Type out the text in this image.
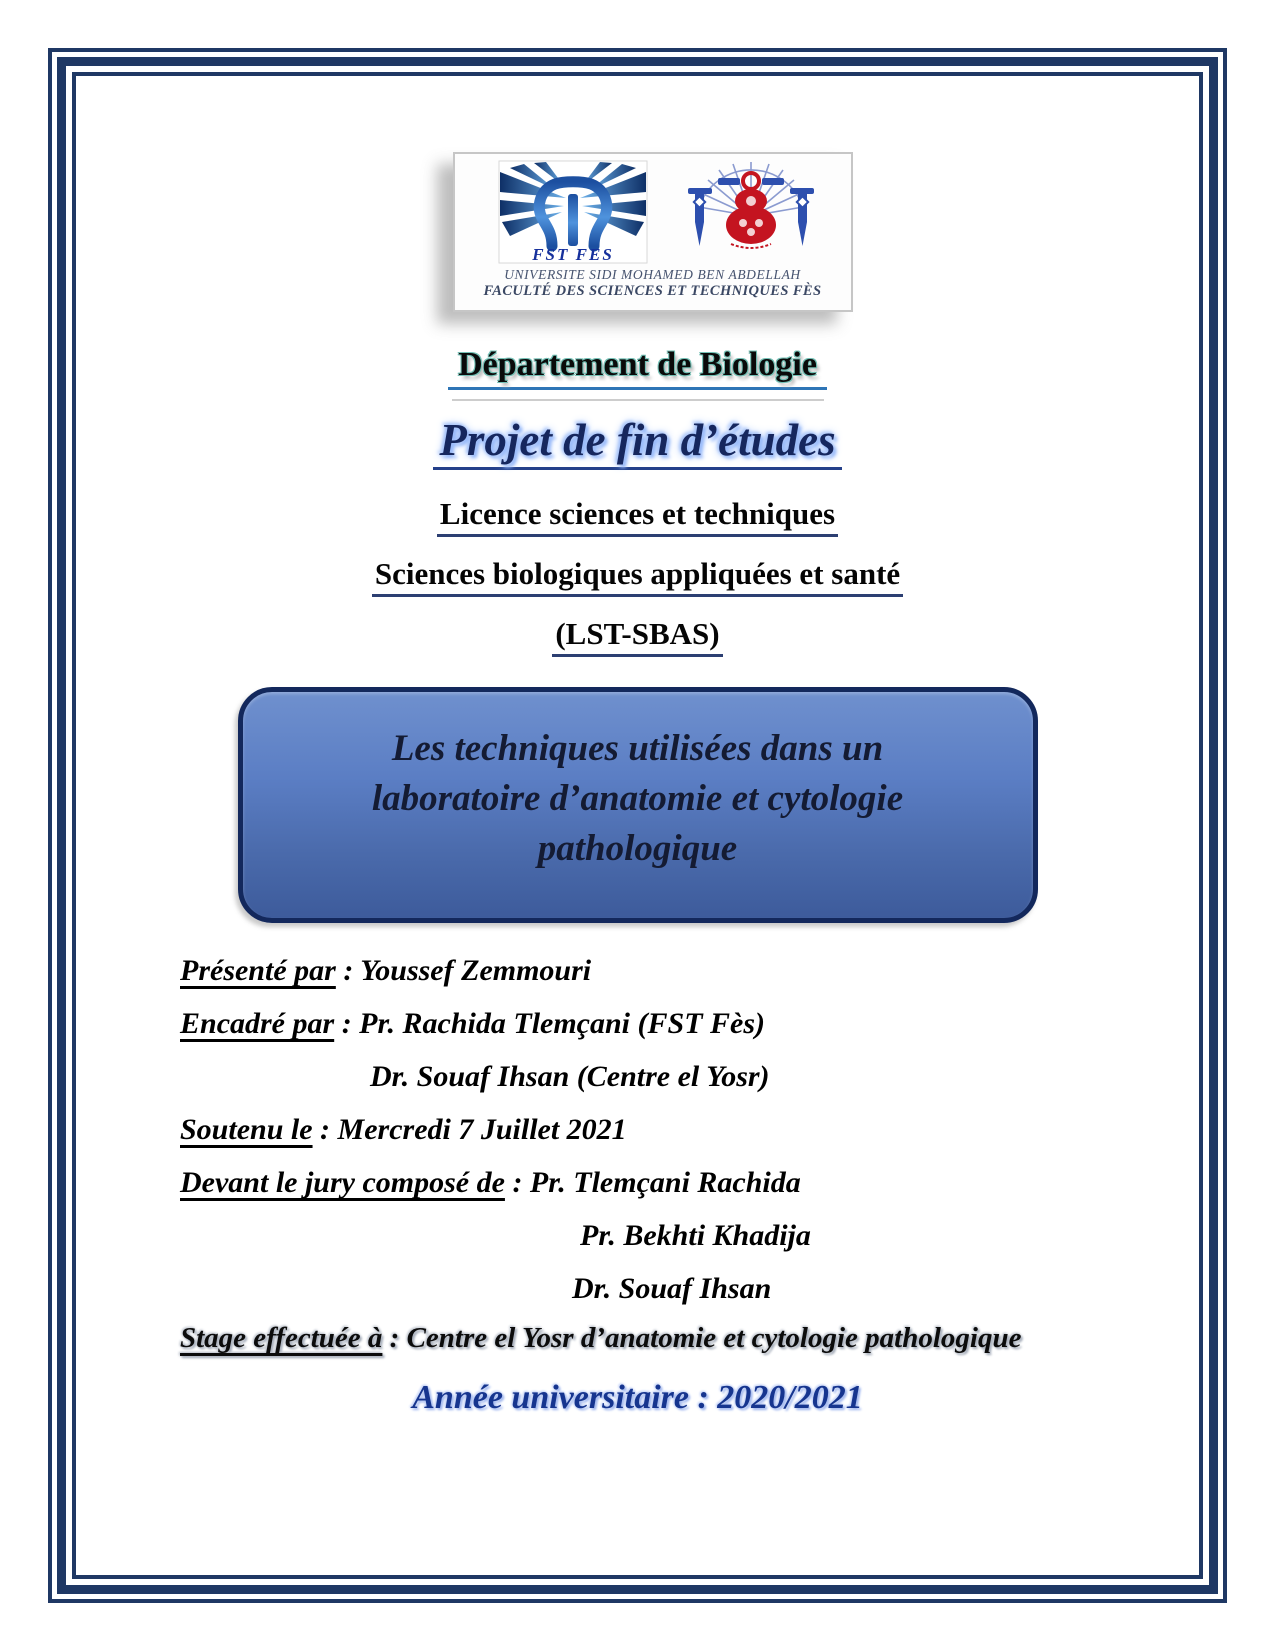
FST FES
UNIVERSITE SIDI MOHAMED BEN ABDELLAH
FACULTÉ DES SCIENCES ET TECHNIQUES FÈS
Département de Biologie
Projet de fin d’études
Licence sciences et techniques
Sciences biologiques appliquées et santé
(LST-SBAS)
Les techniques utilisées dans un
laboratoire d’anatomie et cytologie
pathologique

Présenté par : Youssef Zemmouri

Encadré par : Pr. Rachida Tlemçani (FST Fès)

Dr. Souaf Ihsan (Centre el Yosr)

Soutenu le : Mercredi 7 Juillet 2021

Devant le jury composé de : Pr. Tlemçani Rachida

Pr. Bekhti Khadija

Dr. Souaf Ihsan

Stage effectuée à : Centre el Yosr d’anatomie et cytologie pathologique

Année universitaire : 2020/2021
